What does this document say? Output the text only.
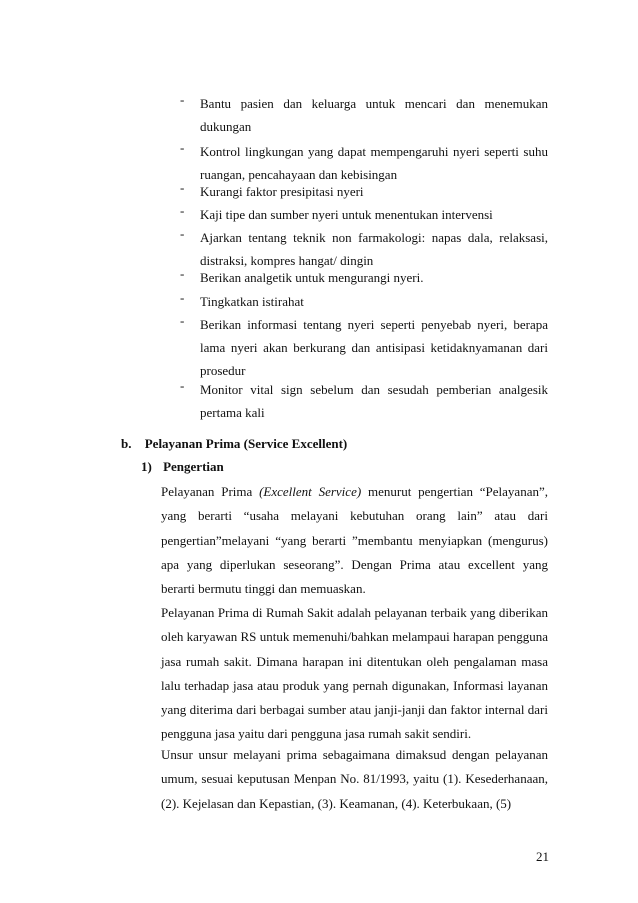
- Bantu pasien dan keluarga untuk mencari dan menemukan dukungan
- Kontrol lingkungan yang dapat mempengaruhi nyeri seperti suhu ruangan, pencahayaan dan kebisingan
- Kurangi faktor presipitasi nyeri
- Kaji tipe dan sumber nyeri untuk menentukan intervensi
- Ajarkan tentang teknik non farmakologi: napas dala, relaksasi, distraksi, kompres hangat/ dingin
- Berikan analgetik untuk mengurangi nyeri.
- Tingkatkan istirahat
- Berikan informasi tentang nyeri seperti penyebab nyeri, berapa lama nyeri akan berkurang dan antisipasi ketidaknyamanan dari prosedur
- Monitor vital sign sebelum dan sesudah pemberian analgesik pertama kali
b. Pelayanan Prima (Service Excellent)
1) Pengertian
Pelayanan Prima (Excellent Service) menurut pengertian “Pelayanan”, yang berarti “usaha melayani kebutuhan orang lain” atau dari pengertian”melayani “yang berarti ”membantu menyiapkan (mengurus) apa yang diperlukan seseorang”. Dengan Prima atau excellent yang berarti bermutu tinggi dan memuaskan.
Pelayanan Prima di Rumah Sakit adalah pelayanan terbaik yang diberikan oleh karyawan RS untuk memenuhi/bahkan melampaui harapan pengguna jasa rumah sakit. Dimana harapan ini ditentukan oleh pengalaman masa lalu terhadap jasa atau produk yang pernah digunakan, Informasi layanan yang diterima dari berbagai sumber atau janji-janji dan faktor internal dari pengguna jasa yaitu dari pengguna jasa rumah sakit sendiri.
Unsur unsur melayani prima sebagaimana dimaksud dengan pelayanan umum, sesuai keputusan Menpan No. 81/1993, yaitu (1). Kesederhanaan, (2). Kejelasan dan Kepastian, (3). Keamanan, (4). Keterbukaan, (5)
21
